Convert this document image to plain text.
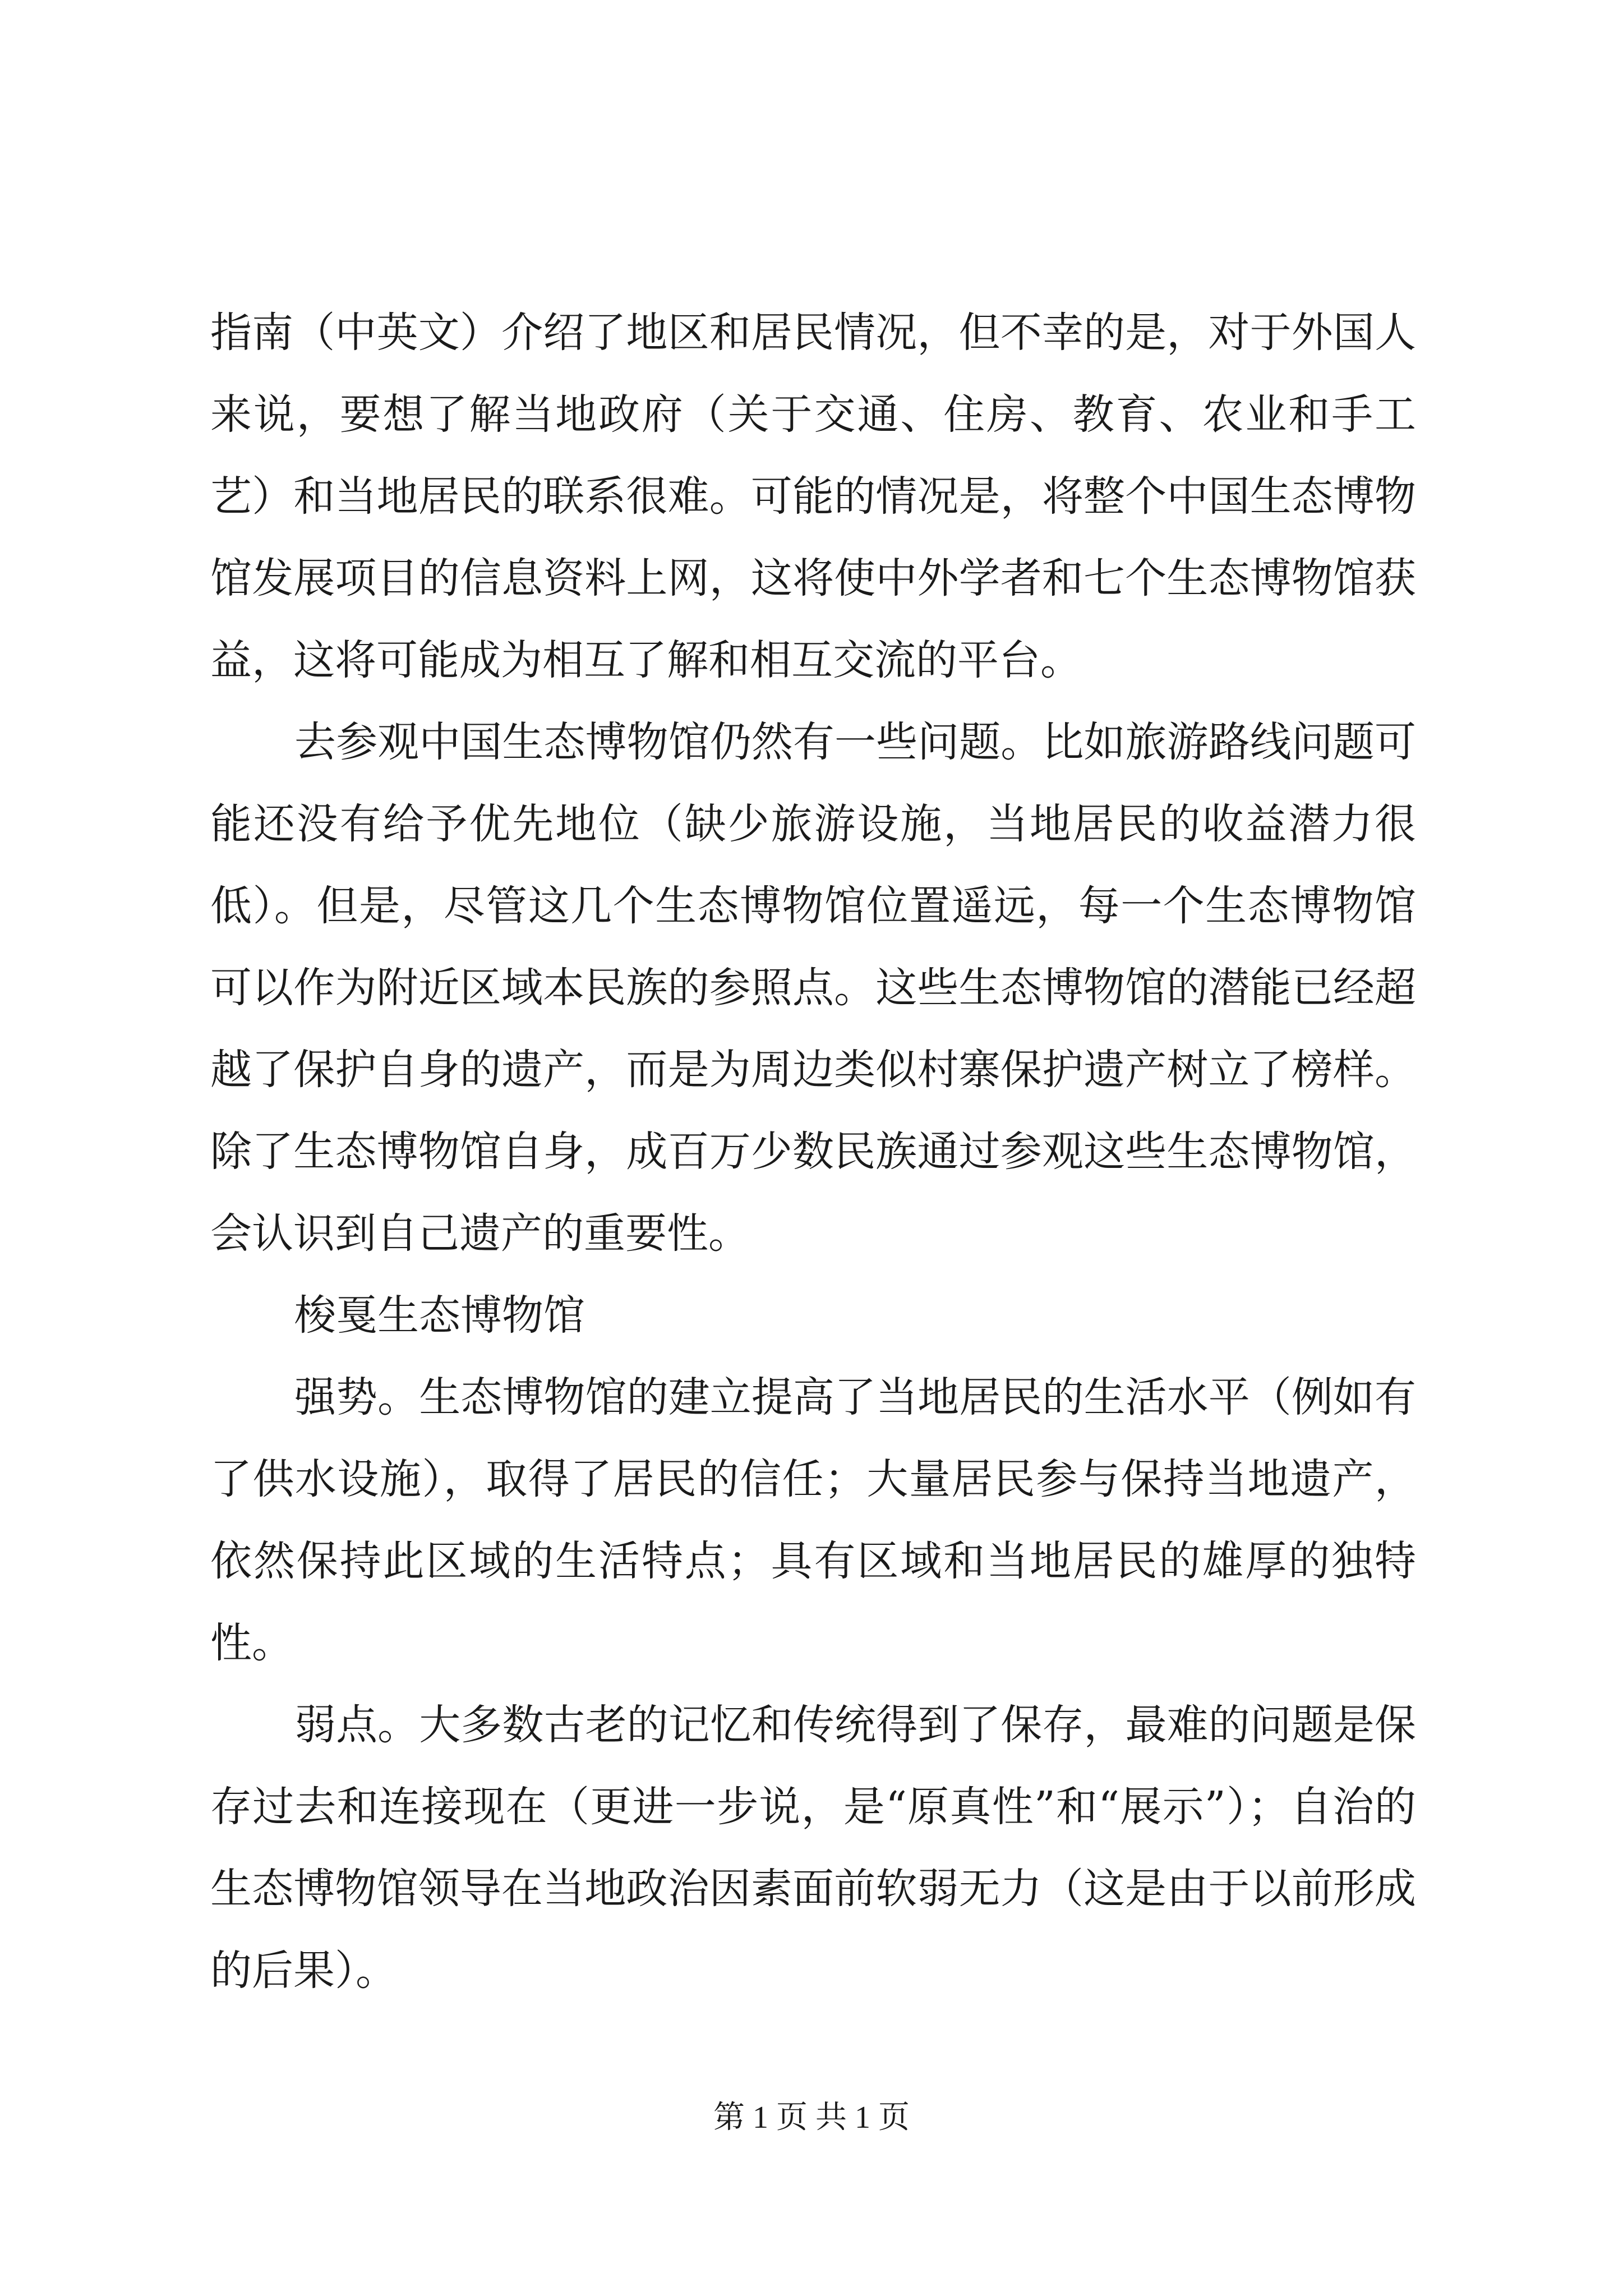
指南（中英文）介绍了地区和居民情况，但不幸的是，对于外国人来说，要想了解当地政府（关于交通、住房、教育、农业和手工艺）和当地居民的联系很难。可能的情况是，将整个中国生态博物馆发展项目的信息资料上网，这将使中外学者和七个生态博物馆获益，这将可能成为相互了解和相互交流的平台。

去参观中国生态博物馆仍然有一些问题。比如旅游路线问题可能还没有给予优先地位（缺少旅游设施，当地居民的收益潜力很低）。但是，尽管这几个生态博物馆位置遥远，每一个生态博物馆可以作为附近区域本民族的参照点。这些生态博物馆的潜能已经超越了保护自身的遗产，而是为周边类似村寨保护遗产树立了榜样。除了生态博物馆自身，成百万少数民族通过参观这些生态博物馆，会认识到自己遗产的重要性。

梭戛生态博物馆

强势。生态博物馆的建立提高了当地居民的生活水平（例如有了供水设施），取得了居民的信任；大量居民参与保持当地遗产，依然保持此区域的生活特点；具有区域和当地居民的雄厚的独特性。

弱点。大多数古老的记忆和传统得到了保存，最难的问题是保存过去和连接现在（更进一步说，是“原真性”和“展示”）；自治的生态博物馆领导在当地政治因素面前软弱无力（这是由于以前形成的后果）。

第 1 页 共 1 页
